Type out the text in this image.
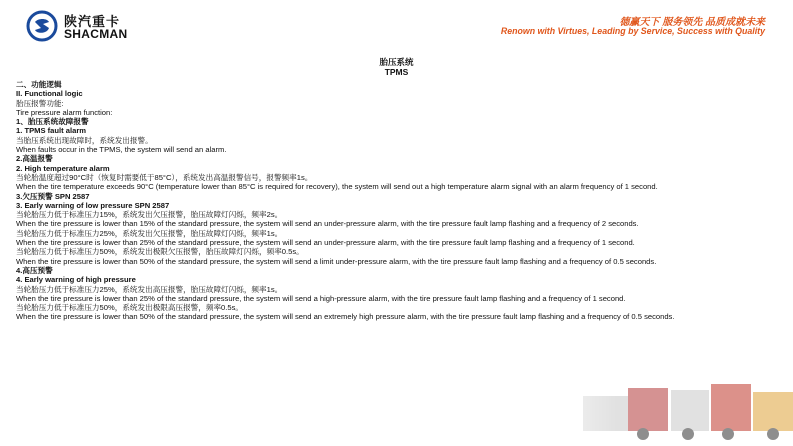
陕汽重卡
SHACMAN
德赢天下 服务领先 品质成就未来
Renown with Virtues, Leading by Service, Success with Quality
胎压系统
TPMS

二、功能逻辑

II. Functional logic

胎压报警功能:

Tire pressure alarm function:

1、胎压系统故障报警

1. TPMS fault alarm

当胎压系统出现故障时，系统发出报警。

When faults occur in the TPMS, the system will send an alarm.

2.高温报警

2. High temperature alarm

当轮胎温度超过90°C时（恢复时需要低于85°C），系统发出高温报警信号，报警频率1s。

When the tire temperature exceeds 90°C (temperature lower than 85°C is required for recovery), the system will send out a high temperature alarm signal with an alarm frequency of 1 second.

3.欠压预警 SPN 2587

3. Early warning of low pressure SPN 2587

当轮胎压力低于标准压力15%，系统发出欠压报警，胎压故障灯闪烁，频率2s。

When the tire pressure is lower than 15% of the standard pressure, the system will send an under-pressure alarm, with the tire pressure fault lamp flashing and a frequency of 2 seconds.

当轮胎压力低于标准压力25%，系统发出欠压报警，胎压故障灯闪烁，频率1s。

When the tire pressure is lower than 25% of the standard pressure, the system will send an under-pressure alarm, with the tire pressure fault lamp flashing and a frequency of 1 second.

当轮胎压力低于标准压力50%，系统发出极限欠压报警，胎压故障灯闪烁，频率0.5s。

When the tire pressure is lower than 50% of the standard pressure, the system will send a limit under-pressure alarm, with the tire pressure fault lamp flashing and a frequency of 0.5 seconds.

4.高压预警

4. Early warning of high pressure

当轮胎压力低于标准压力25%，系统发出高压报警，胎压故障灯闪烁，频率1s。

When the tire pressure is lower than 25% of the standard pressure, the system will send a high-pressure alarm, with the tire pressure fault lamp flashing and a frequency of 1 second.

当轮胎压力低于标准压力50%，系统发出极限高压报警，频率0.5s。

When the tire pressure is lower than 50% of the standard pressure, the system will send an extremely high pressure alarm, with the tire pressure fault lamp flashing and a frequency of 0.5 seconds.
